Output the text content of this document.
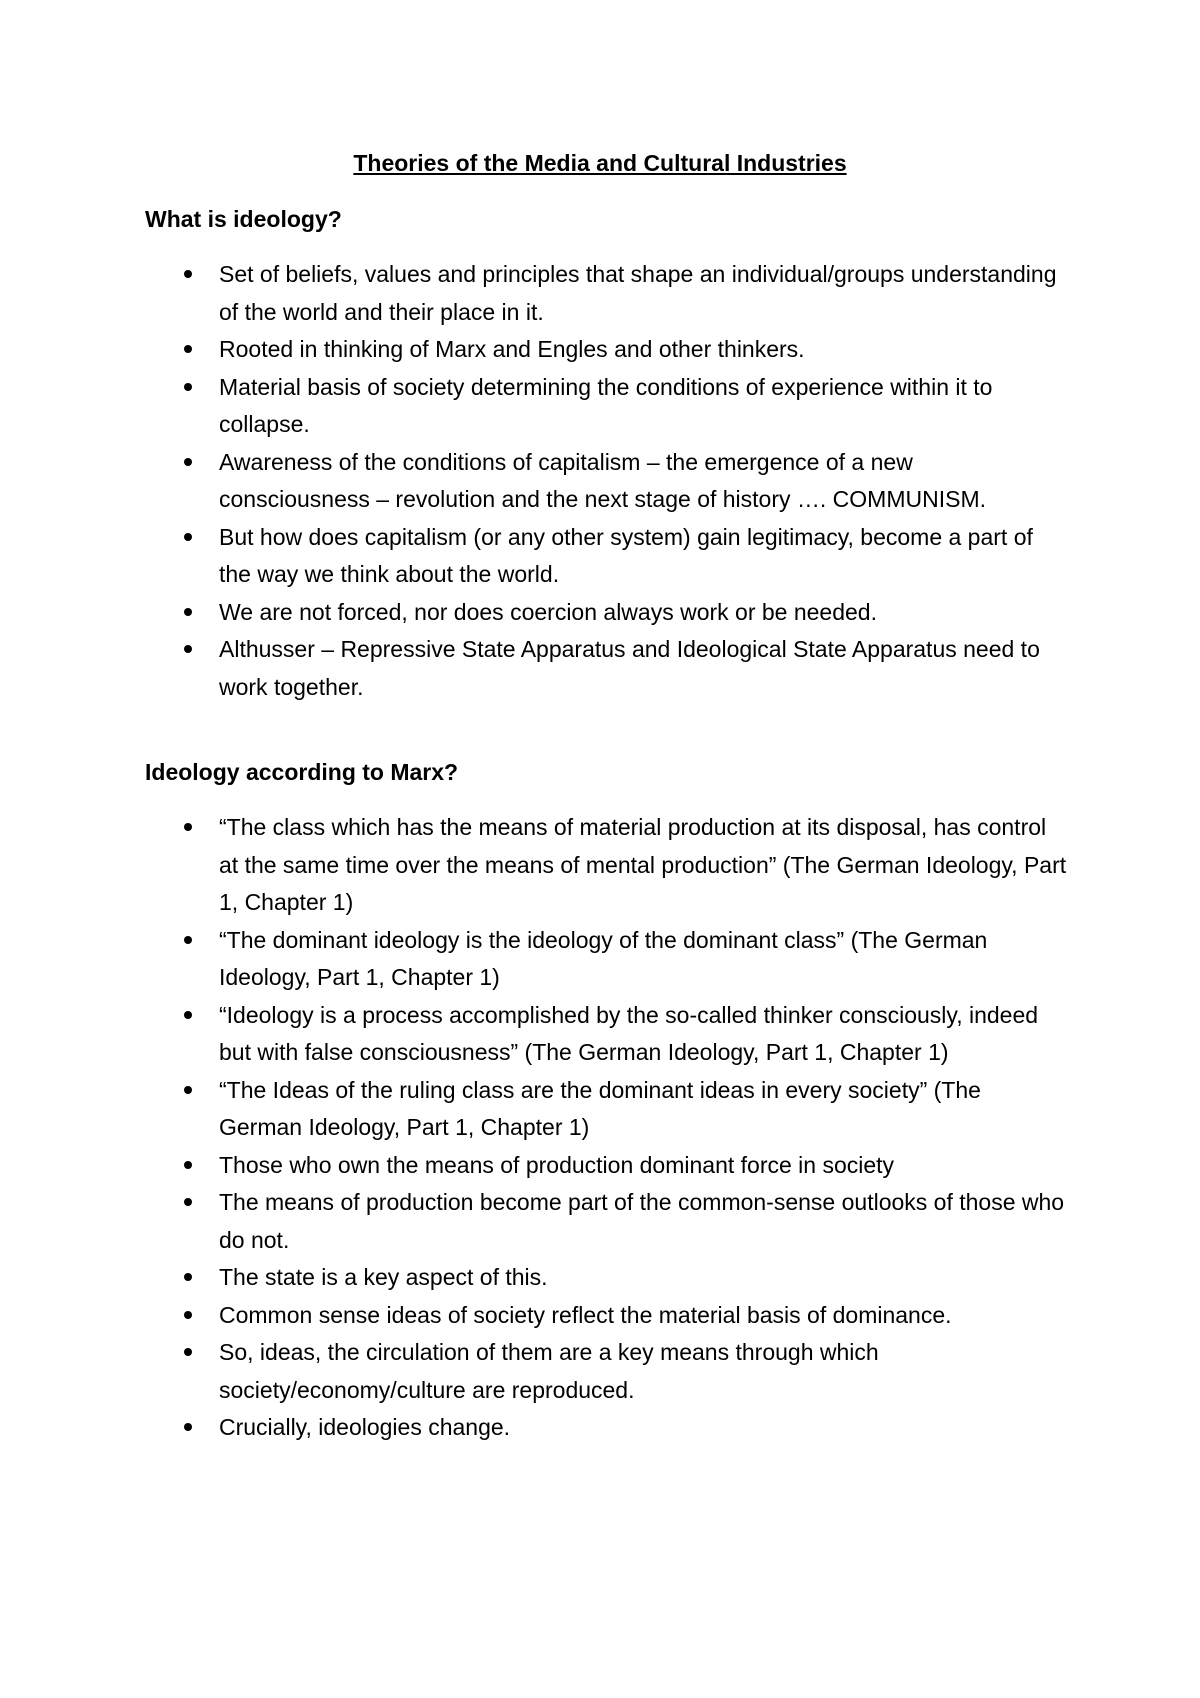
Theories of the Media and Cultural Industries
What is ideology?
Set of beliefs, values and principles that shape an individual/groups understanding of the world and their place in it.
Rooted in thinking of Marx and Engles and other thinkers.
Material basis of society determining the conditions of experience within it to collapse.
Awareness of the conditions of capitalism – the emergence of a new consciousness – revolution and the next stage of history …. COMMUNISM.
But how does capitalism (or any other system) gain legitimacy, become a part of the way we think about the world.
We are not forced, nor does coercion always work or be needed.
Althusser – Repressive State Apparatus and Ideological State Apparatus need to work together.
Ideology according to Marx?
“The class which has the means of material production at its disposal, has control at the same time over the means of mental production” (The German Ideology, Part 1, Chapter 1)
“The dominant ideology is the ideology of the dominant class” (The German Ideology, Part 1, Chapter 1)
“Ideology is a process accomplished by the so-called thinker consciously, indeed but with false consciousness” (The German Ideology, Part 1, Chapter 1)
“The Ideas of the ruling class are the dominant ideas in every society” (The German Ideology, Part 1, Chapter 1)
Those who own the means of production dominant force in society
The means of production become part of the common-sense outlooks of those who do not.
The state is a key aspect of this.
Common sense ideas of society reflect the material basis of dominance.
So, ideas, the circulation of them are a key means through which society/economy/culture are reproduced.
Crucially, ideologies change.
